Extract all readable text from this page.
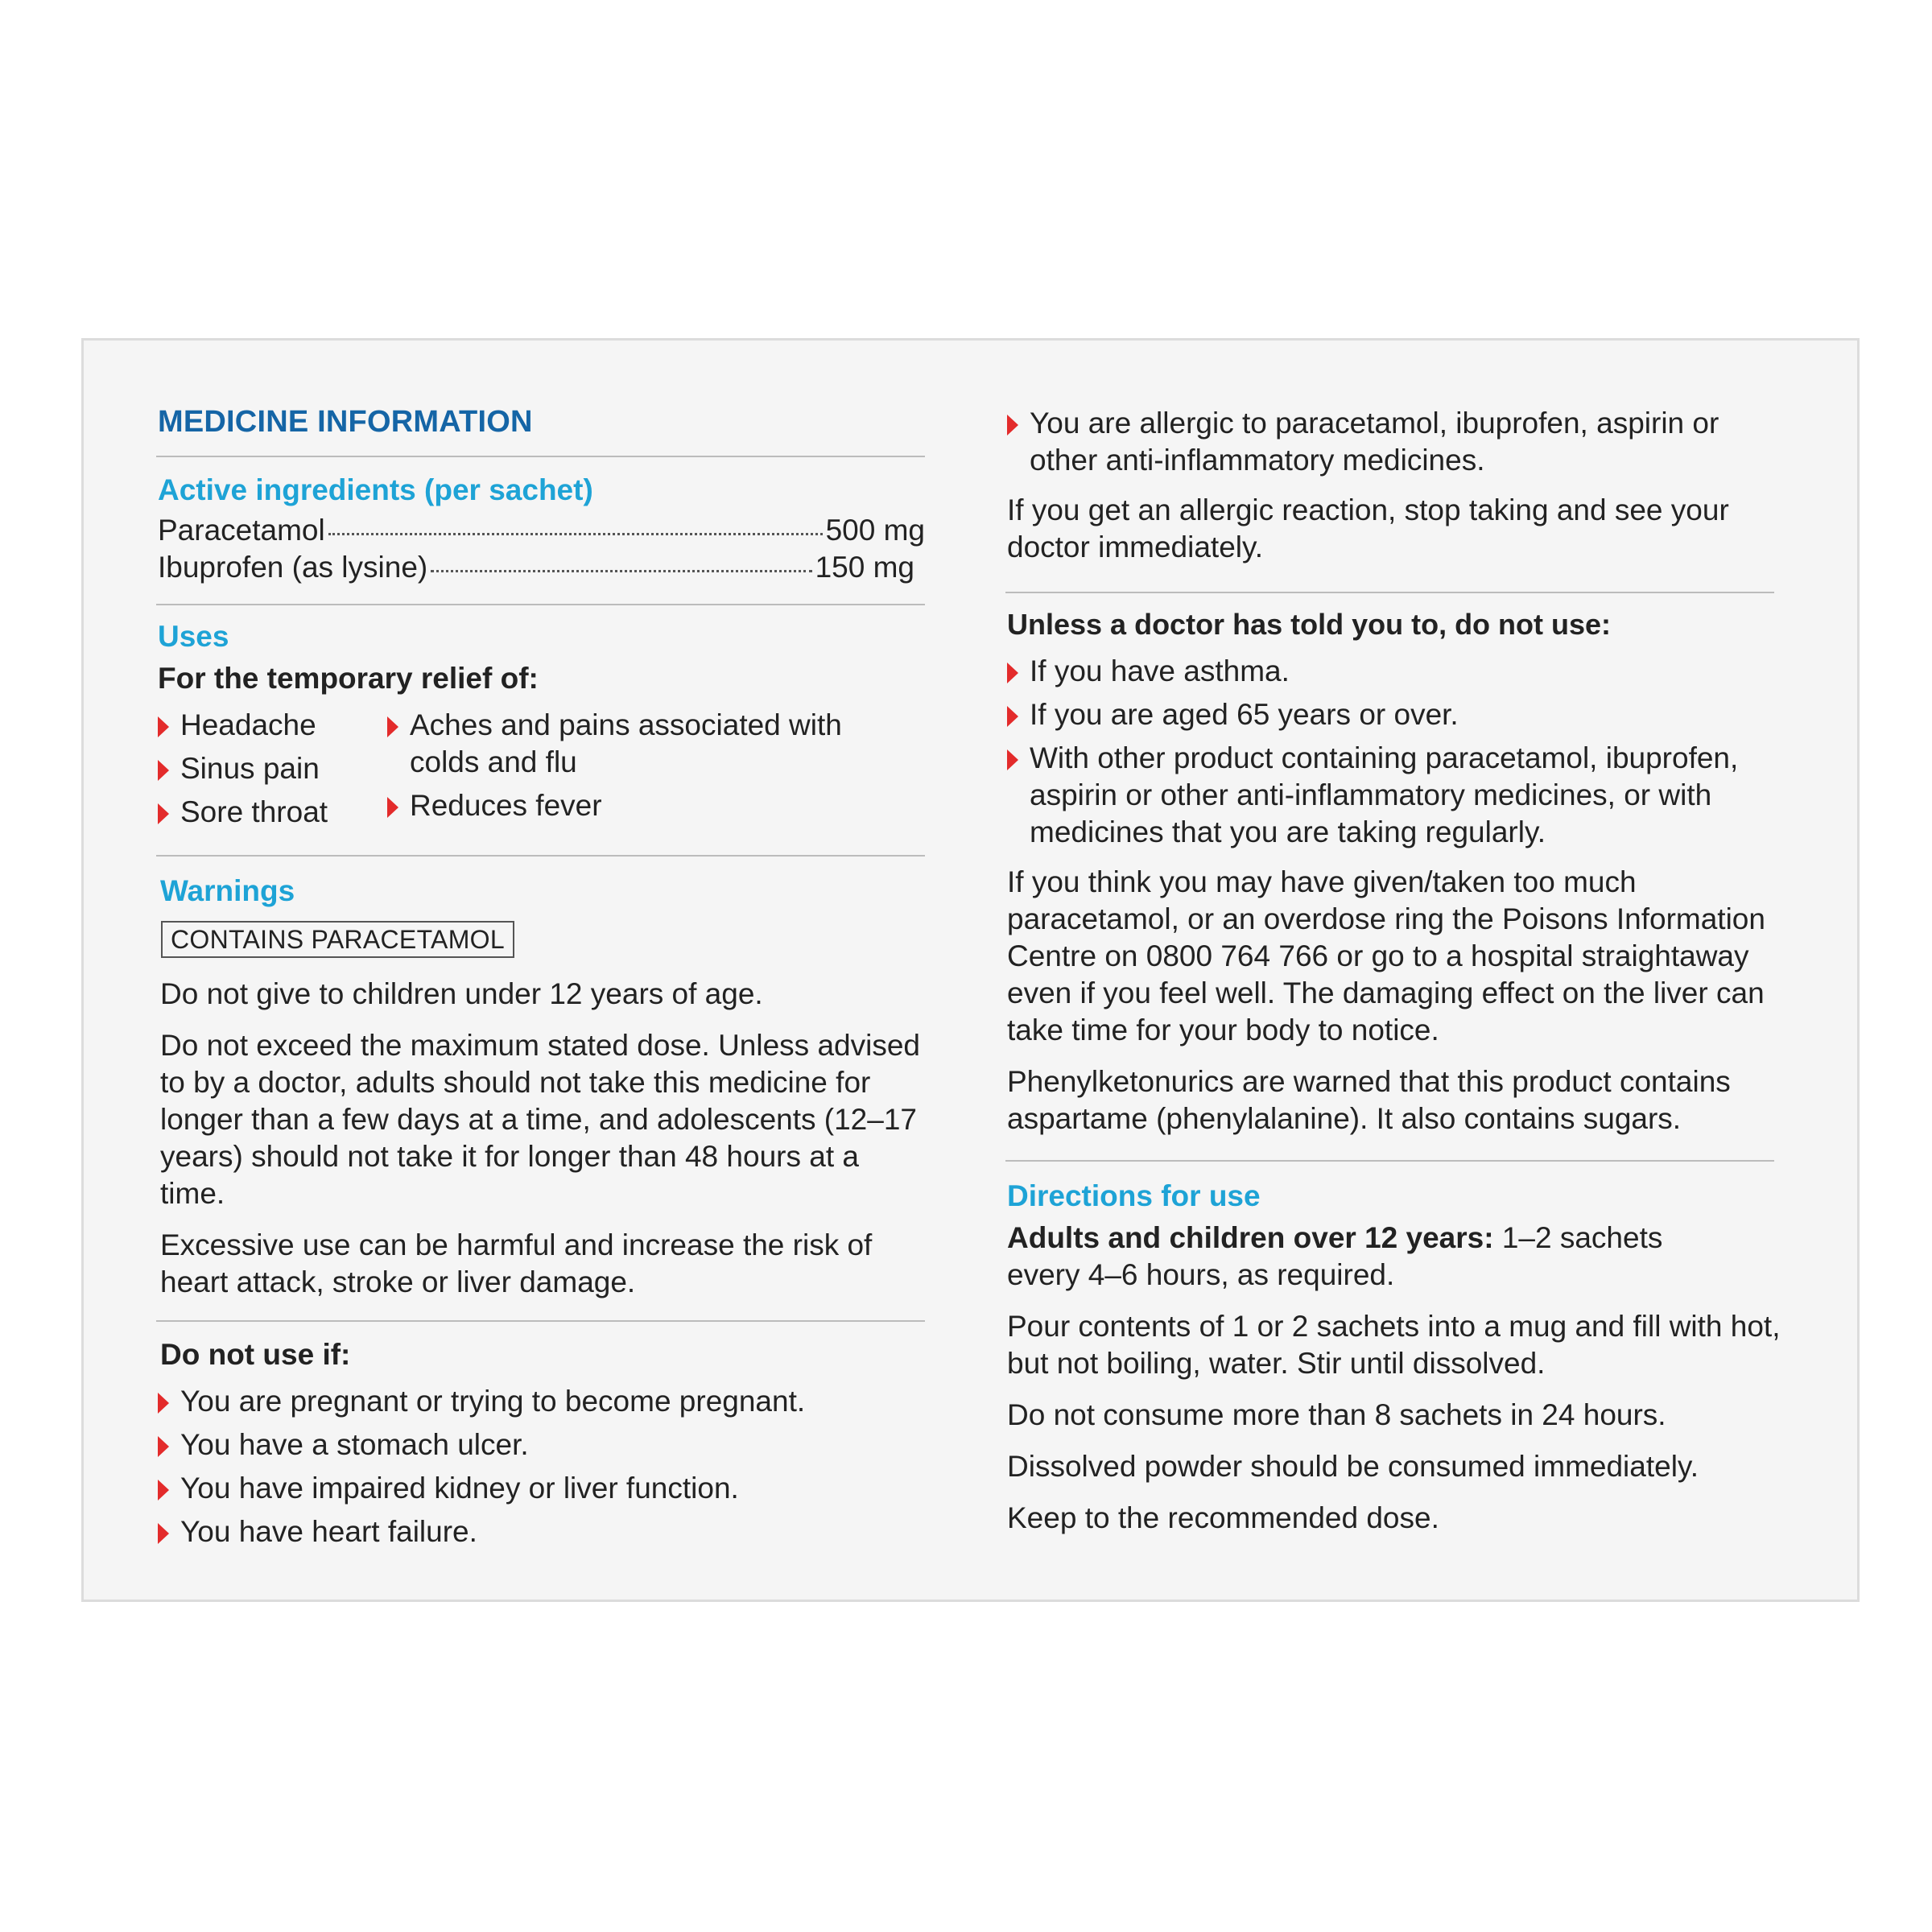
MEDICINE INFORMATION
Active ingredients (per sachet)
Paracetamol	500 mg
Ibuprofen (as lysine)	150 mg
Uses
For the temporary relief of:
Headache
Sinus pain
Sore throat
Aches and pains associated with colds and flu
Reduces fever
Warnings
CONTAINS PARACETAMOL
Do not give to children under 12 years of age.
Do not exceed the maximum stated dose. Unless advised to by a doctor, adults should not take this medicine for longer than a few days at a time, and adolescents (12–17 years) should not take it for longer than 48 hours at a time.
Excessive use can be harmful and increase the risk of heart attack, stroke or liver damage.
Do not use if:
You are pregnant or trying to become pregnant.
You have a stomach ulcer.
You have impaired kidney or liver function.
You have heart failure.
You are allergic to paracetamol, ibuprofen, aspirin or other anti-inflammatory medicines.
If you get an allergic reaction, stop taking and see your doctor immediately.
Unless a doctor has told you to, do not use:
If you have asthma.
If you are aged 65 years or over.
With other product containing paracetamol, ibuprofen, aspirin or other anti-inflammatory medicines, or with medicines that you are taking regularly.
If you think you may have given/taken too much paracetamol, or an overdose ring the Poisons Information Centre on 0800 764 766 or go to a hospital straightaway even if you feel well. The damaging effect on the liver can take time for your body to notice.
Phenylketonurics are warned that this product contains aspartame (phenylalanine). It also contains sugars.
Directions for use
Adults and children over 12 years: 1–2 sachets every 4–6 hours, as required.
Pour contents of 1 or 2 sachets into a mug and fill with hot, but not boiling, water. Stir until dissolved.
Do not consume more than 8 sachets in 24 hours.
Dissolved powder should be consumed immediately.
Keep to the recommended dose.
